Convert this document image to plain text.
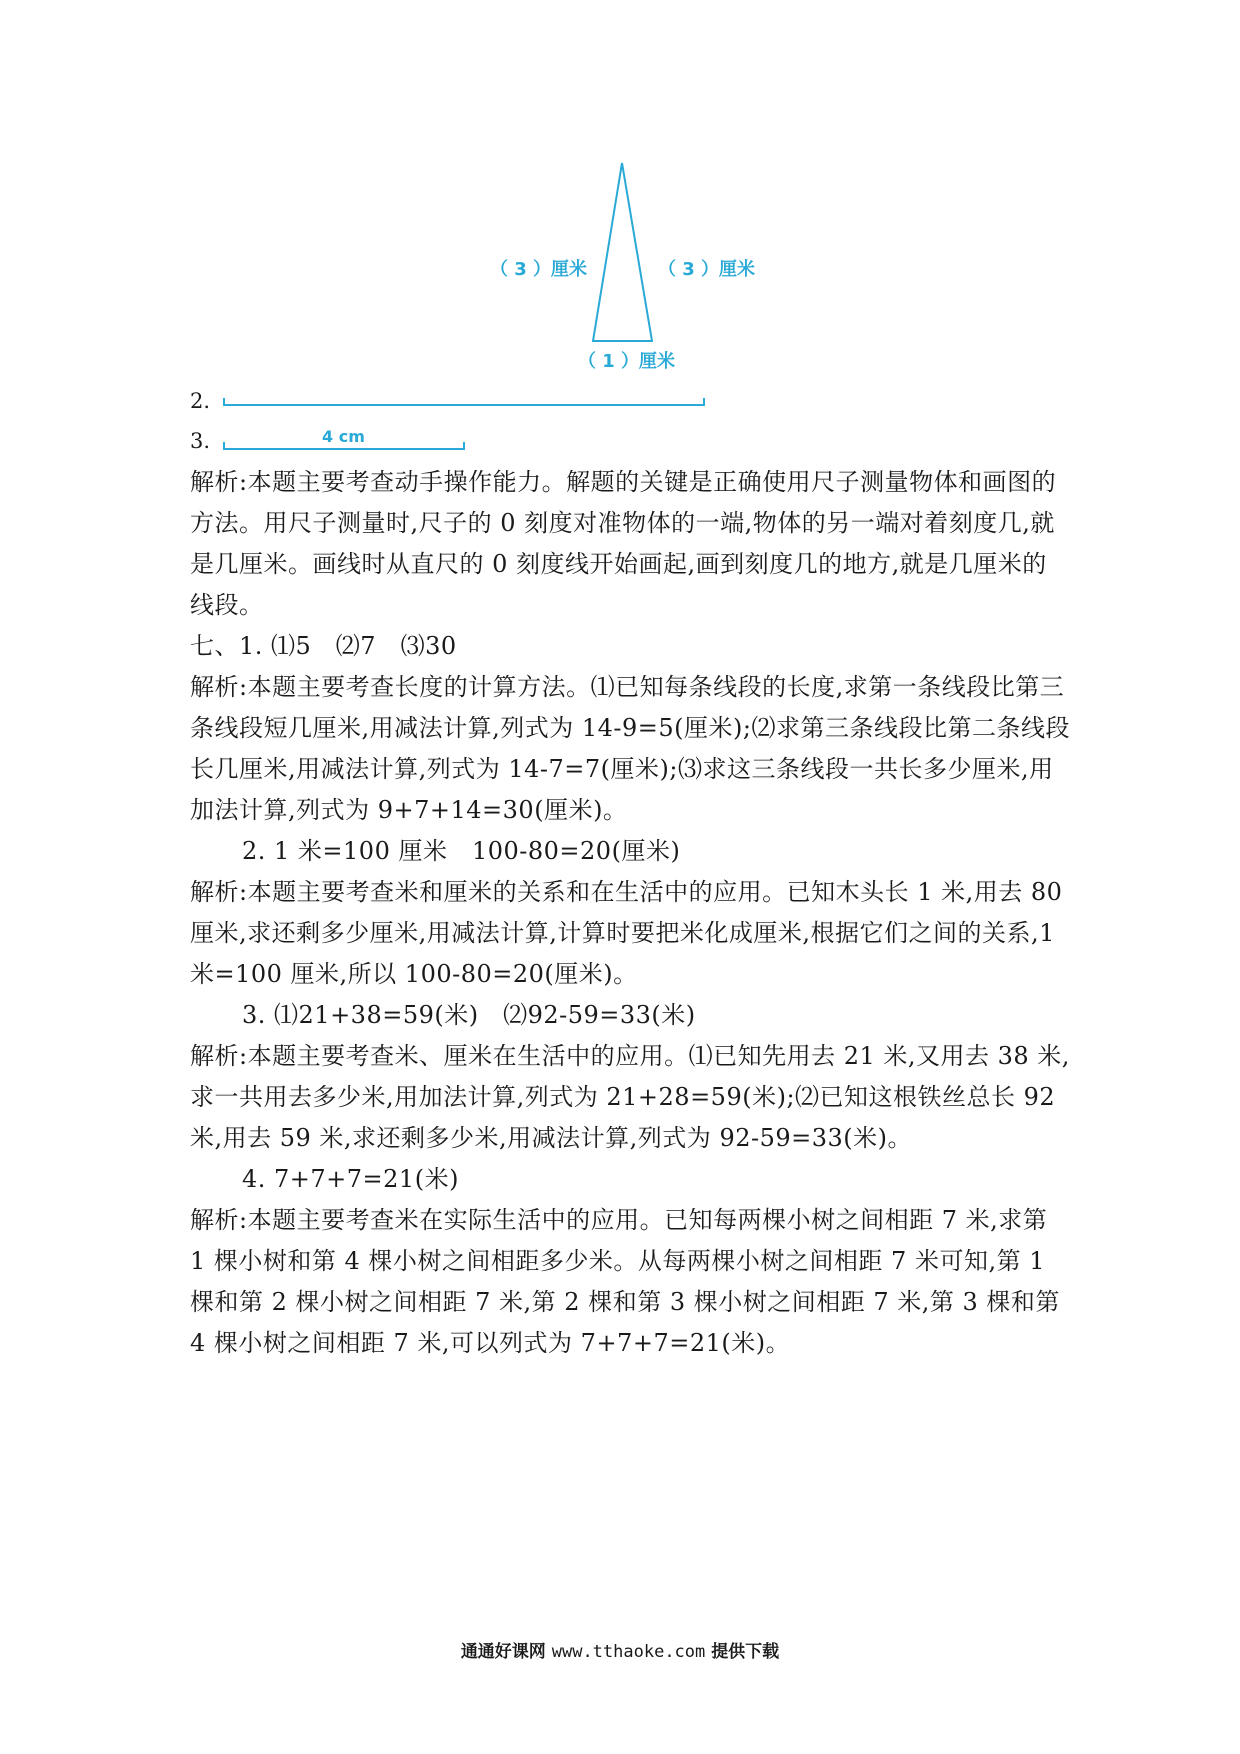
（ 3 ）厘米	（ 3 ）厘米
（ 1 ）厘米
2.
3.	4 cm

解析:本题主要考查动手操作能力。解题的关键是正确使用尺子测量物体和画图的方法。用尺子测量时,尺子的 0 刻度对准物体的一端,物体的另一端对着刻度几,就是几厘米。画线时从直尺的 0 刻度线开始画起,画到刻度几的地方,就是几厘米的线段。

七、1. ⑴5　⑵7　⑶30

解析:本题主要考查长度的计算方法。⑴已知每条线段的长度,求第一条线段比第三条线段短几厘米,用减法计算,列式为 14-9=5(厘米);⑵求第三条线段比第二条线段长几厘米,用减法计算,列式为 14-7=7(厘米);⑶求这三条线段一共长多少厘米,用加法计算,列式为 9+7+14=30(厘米)。

2. 1 米=100 厘米　100-80=20(厘米)

解析:本题主要考查米和厘米的关系和在生活中的应用。已知木头长 1 米,用去 80 厘米,求还剩多少厘米,用减法计算,计算时要把米化成厘米,根据它们之间的关系,1 米=100 厘米,所以 100-80=20(厘米)。

3. ⑴21+38=59(米)　⑵92-59=33(米)

解析:本题主要考查米、厘米在生活中的应用。⑴已知先用去 21 米,又用去 38 米,求一共用去多少米,用加法计算,列式为 21+28=59(米);⑵已知这根铁丝总长 92 米,用去 59 米,求还剩多少米,用减法计算,列式为 92-59=33(米)。

4. 7+7+7=21(米)

解析:本题主要考查米在实际生活中的应用。已知每两棵小树之间相距 7 米,求第 1 棵小树和第 4 棵小树之间相距多少米。从每两棵小树之间相距 7 米可知,第 1 棵和第 2 棵小树之间相距 7 米,第 2 棵和第 3 棵小树之间相距 7 米,第 3 棵和第 4 棵小树之间相距 7 米,可以列式为 7+7+7=21(米)。

通通好课网 www.tthaoke.com 提供下载
